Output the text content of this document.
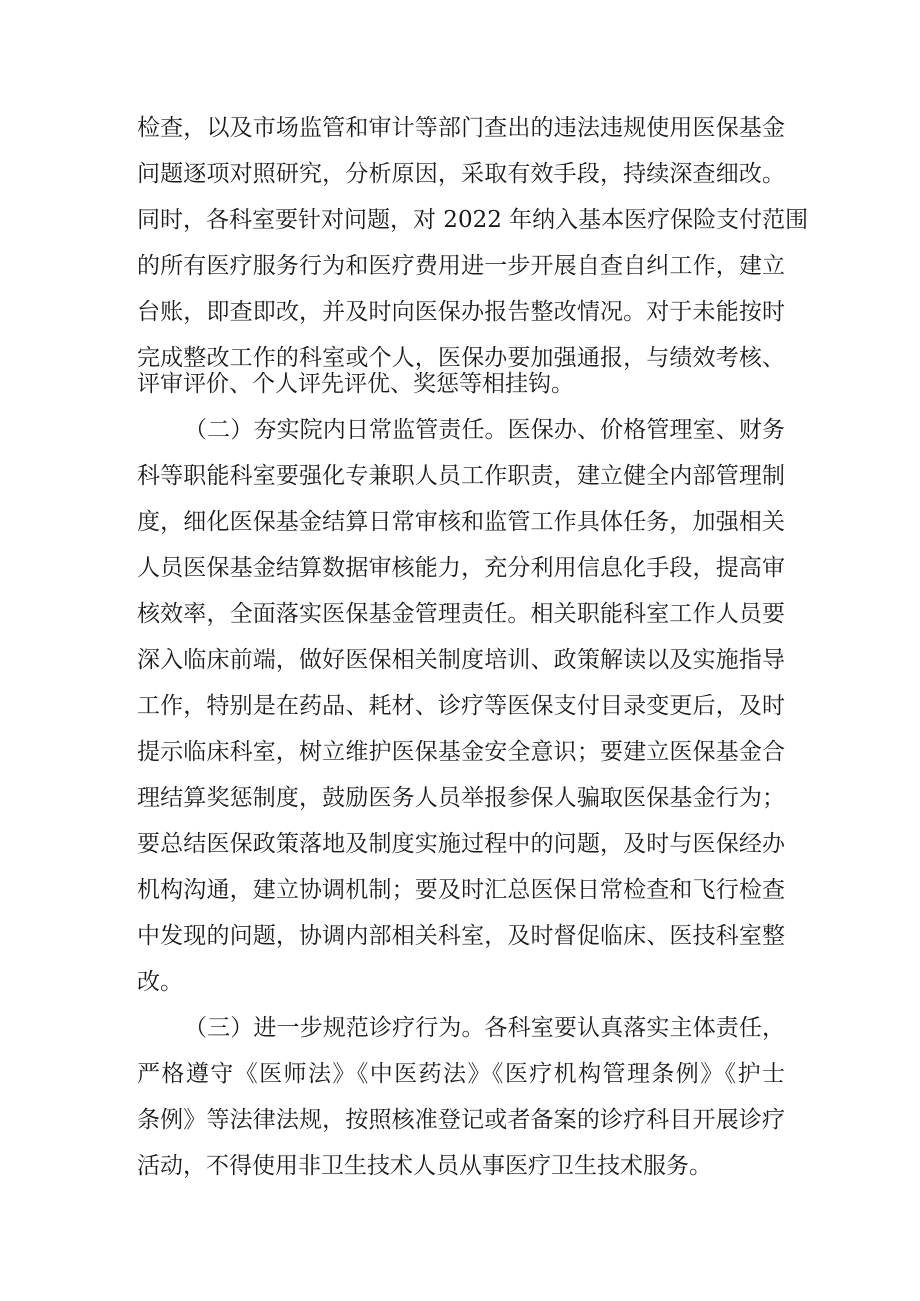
检查，以及市场监管和审计等部门查出的违法违规使用医保基金
问题逐项对照研究，分析原因，采取有效手段，持续深查细改。
同时，各科室要针对问题，对 2022 年纳入基本医疗保险支付范围
的所有医疗服务行为和医疗费用进一步开展自查自纠工作，建立
台账，即查即改，并及时向医保办报告整改情况。对于未能按时
完成整改工作的科室或个人，医保办要加强通报，与绩效考核、
评审评价、个人评先评优、奖惩等相挂钩。
（二）夯实院内日常监管责任。医保办、价格管理室、财务
科等职能科室要强化专兼职人员工作职责，建立健全内部管理制
度，细化医保基金结算日常审核和监管工作具体任务，加强相关
人员医保基金结算数据审核能力，充分利用信息化手段，提高审
核效率，全面落实医保基金管理责任。相关职能科室工作人员要
深入临床前端，做好医保相关制度培训、政策解读以及实施指导
工作，特别是在药品、耗材、诊疗等医保支付目录变更后，及时
提示临床科室，树立维护医保基金安全意识；要建立医保基金合
理结算奖惩制度，鼓励医务人员举报参保人骗取医保基金行为；
要总结医保政策落地及制度实施过程中的问题，及时与医保经办
机构沟通，建立协调机制；要及时汇总医保日常检查和飞行检查
中发现的问题，协调内部相关科室，及时督促临床、医技科室整
改。
（三）进一步规范诊疗行为。各科室要认真落实主体责任，
严格遵守《医师法》《中医药法》《医疗机构管理条例》《护士
条例》等法律法规，按照核准登记或者备案的诊疗科目开展诊疗
活动，不得使用非卫生技术人员从事医疗卫生技术服务。
